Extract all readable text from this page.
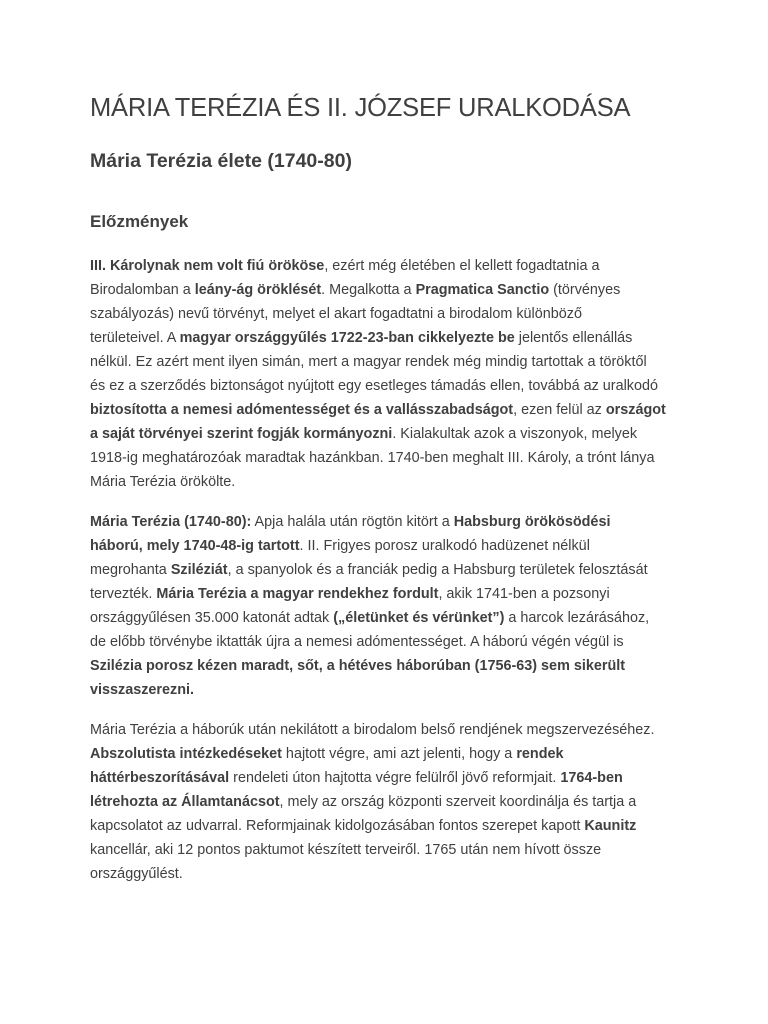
MÁRIA TERÉZIA ÉS II. JÓZSEF URALKODÁSA
Mária Terézia élete (1740-80)
Előzmények
III. Károlynak nem volt fiú örököse, ezért még életében el kellett fogadtatnia a
Birodalomban a leány-ág öröklését. Megalkotta a Pragmatica Sanctio (törvényes
szabályozás) nevű törvényt, melyet el akart fogadtatni a birodalom különböző
területeivel. A magyar országgyűlés 1722-23-ban cikkelyezte be jelentős ellenállás
nélkül. Ez azért ment ilyen simán, mert a magyar rendek még mindig tartottak a töröktől
és ez a szerződés biztonságot nyújtott egy esetleges támadás ellen, továbbá az uralkodó
biztosította a nemesi adómentességet és a vallásszabadságot, ezen felül az országot
a saját törvényei szerint fogják kormányozni. Kialakultak azok a viszonyok, melyek
1918-ig meghatározóak maradtak hazánkban. 1740-ben meghalt III. Károly, a trónt lánya
Mária Terézia örökölte.
Mária Terézia (1740-80): Apja halála után rögtön kitört a Habsburg örökösödési
háború, mely 1740-48-ig tartott. II. Frigyes porosz uralkodó hadüzenet nélkül
megrohanta Sziléziát, a spanyolok és a franciák pedig a Habsburg területek felosztását
tervezték. Mária Terézia a magyar rendekhez fordult, akik 1741-ben a pozsonyi
országgyűlésen 35.000 katonát adtak („életünket és vérünket”) a harcok lezárásához,
de előbb törvénybe iktatták újra a nemesi adómentességet. A háború végén végül is
Szilézia porosz kézen maradt, sőt, a hétéves háborúban (1756-63) sem sikerült
visszaszerezni.
Mária Terézia a háborúk után nekilátott a birodalom belső rendjének megszervezéséhez.
Abszolutista intézkedéseket hajtott végre, ami azt jelenti, hogy a rendek
háttérbeszorításával rendeleti úton hajtotta végre felülről jövő reformjait. 1764-ben
létrehozta az Államtanácsot, mely az ország központi szerveit koordinálja és tartja a
kapcsolatot az udvarral. Reformjainak kidolgozásában fontos szerepet kapott Kaunitz
kancellár, aki 12 pontos paktumot készített terveiről. 1765 után nem hívott össze
országgyűlést.
